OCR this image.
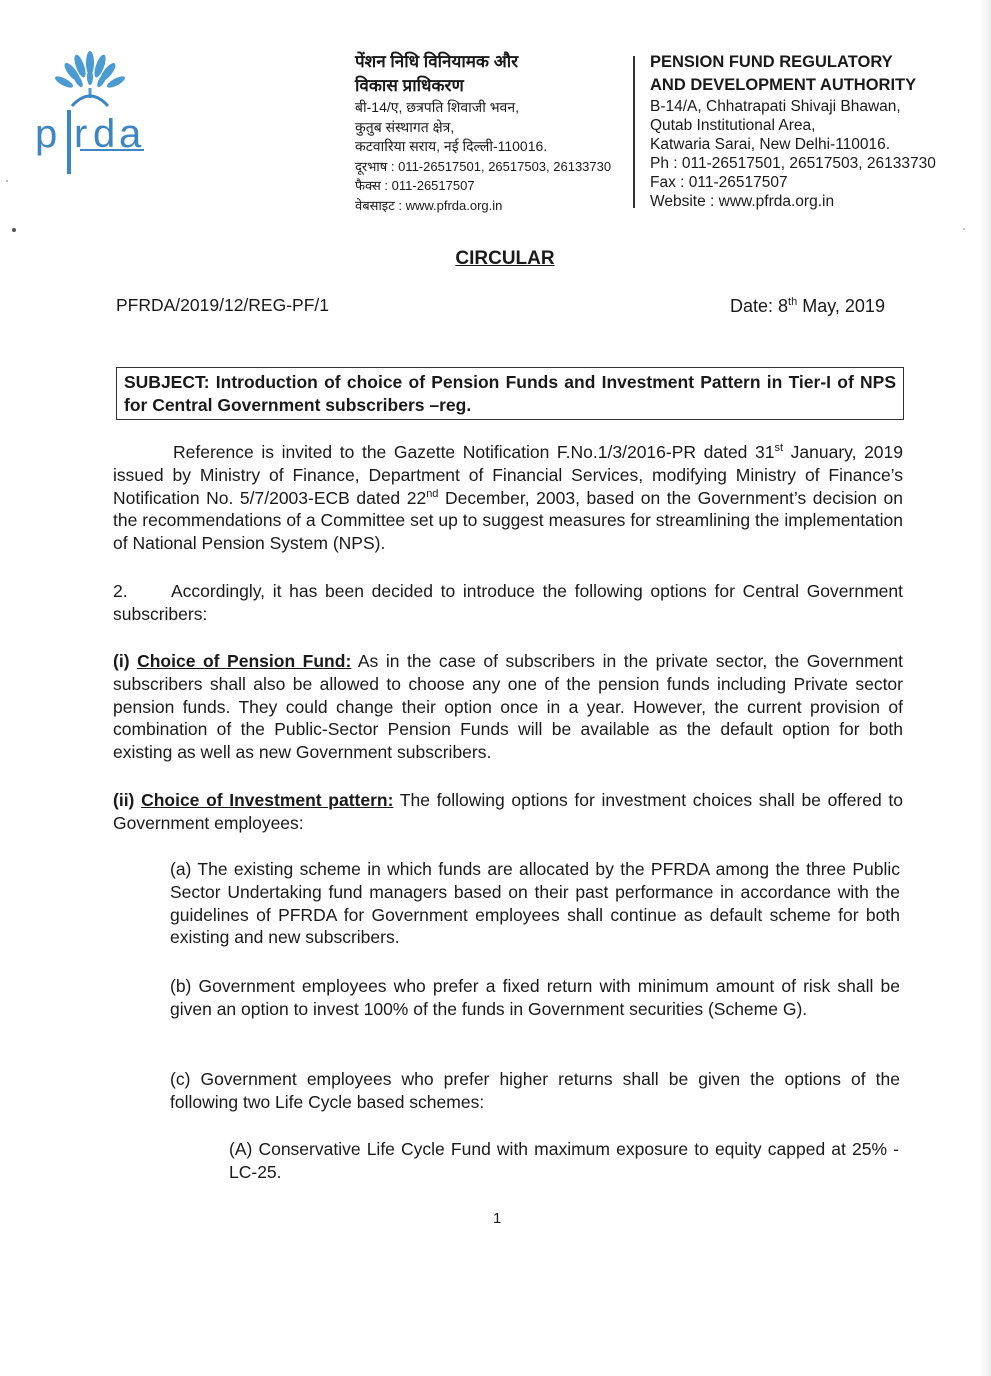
p r d a
पेंशन निधि विनियामक और
विकास प्राधिकरण
बी-14/ए, छत्रपति शिवाजी भवन,
कुतुब संस्थागत क्षेत्र,
कटवारिया सराय, नई दिल्ली-110016.
दूरभाष : 011-26517501, 26517503, 26133730
फैक्स : 011-26517507
वेबसाइट : www.pfrda.org.in
PENSION FUND REGULATORY
AND DEVELOPMENT AUTHORITY
B-14/A, Chhatrapati Shivaji Bhawan,
Qutab Institutional Area,
Katwaria Sarai, New Delhi-110016.
Ph : 011-26517501, 26517503, 26133730
Fax : 011-26517507
Website : www.pfrda.org.in
CIRCULAR
PFRDA/2019/12/REG-PF/1	Date: 8th May, 2019
SUBJECT: Introduction of choice of Pension Funds and Investment Pattern in Tier-I of NPS for Central Government subscribers –reg.

Reference is invited to the Gazette Notification F.No.1/3/2016-PR dated 31st January, 2019 issued by Ministry of Finance, Department of Financial Services, modifying Ministry of Finance’s Notification No. 5/7/2003-ECB dated 22nd December, 2003, based on the Government’s decision on the recommendations of a Committee set up to suggest measures for streamlining the implementation of National Pension System (NPS).

2. Accordingly, it has been decided to introduce the following options for Central Government subscribers:

(i) Choice of Pension Fund: As in the case of subscribers in the private sector, the Government subscribers shall also be allowed to choose any one of the pension funds including Private sector pension funds. They could change their option once in a year. However, the current provision of combination of the Public-Sector Pension Funds will be available as the default option for both existing as well as new Government subscribers.

(ii) Choice of Investment pattern: The following options for investment choices shall be offered to Government employees:

(a) The existing scheme in which funds are allocated by the PFRDA among the three Public Sector Undertaking fund managers based on their past performance in accordance with the guidelines of PFRDA for Government employees shall continue as default scheme for both existing and new subscribers.

(b) Government employees who prefer a fixed return with minimum amount of risk shall be given an option to invest 100% of the funds in Government securities (Scheme G).

(c) Government employees who prefer higher returns shall be given the options of the following two Life Cycle based schemes:

(A) Conservative Life Cycle Fund with maximum exposure to equity capped at 25% - LC-25.

1
